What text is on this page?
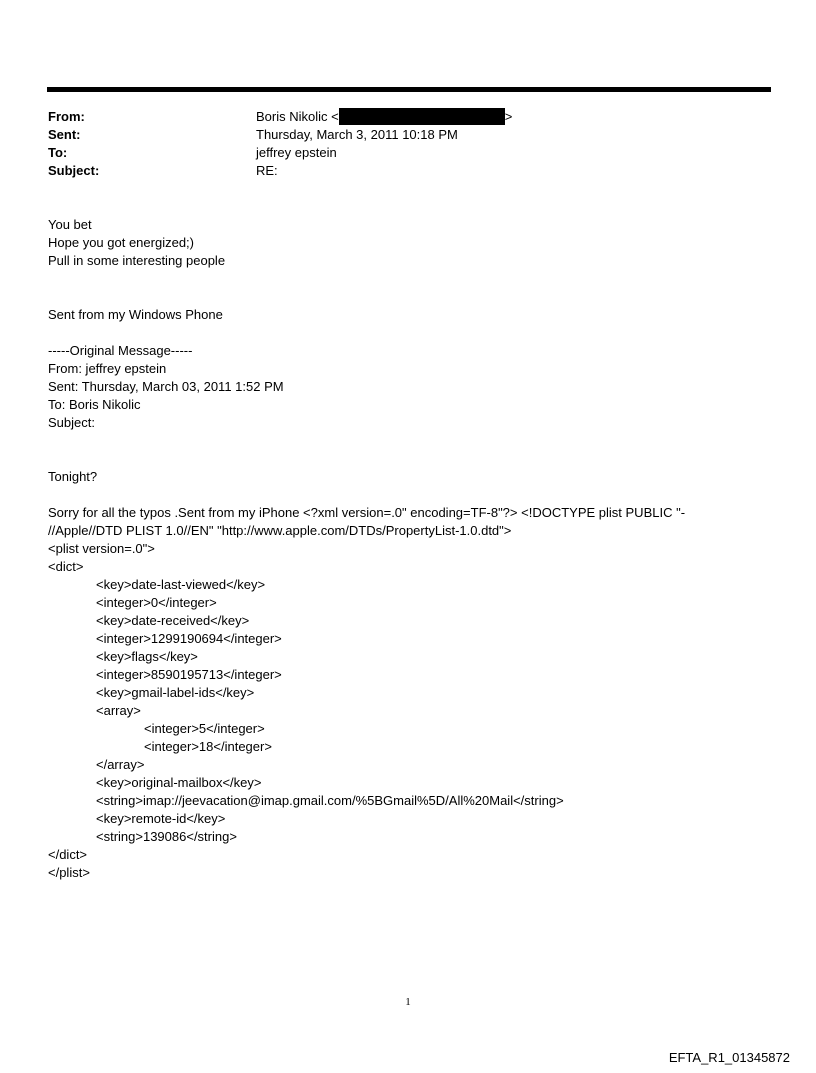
From:	Boris Nikolic <	>
Sent:	Thursday, March 3, 2011 10:18 PM
To:	jeffrey epstein
Subject:	RE:
You bet
Hope you got energized;)
Pull in some interesting people
Sent from my Windows Phone
-----Original Message-----
From: jeffrey epstein
Sent: Thursday, March 03, 2011 1:52 PM
To: Boris Nikolic
Subject:
Tonight?
Sorry for all the typos .Sent from my iPhone <?xml version=.0" encoding=TF-8"?> <!DOCTYPE plist PUBLIC "-
//Apple//DTD PLIST 1.0//EN" "http://www.apple.com/DTDs/PropertyList-1.0.dtd">
<plist version=.0">
<dict>
<key>date-last-viewed</key>
<integer>0</integer>
<key>date-received</key>
<integer>1299190694</integer>
<key>flags</key>
<integer>8590195713</integer>
<key>gmail-label-ids</key>
<array>
<integer>5</integer>
<integer>18</integer>
</array>
<key>original-mailbox</key>
<string>imap://jeevacation@imap.gmail.com/%5BGmail%5D/All%20Mail</string>
<key>remote-id</key>
<string>139086</string>
</dict>
</plist>
1
EFTA_R1_01345872
